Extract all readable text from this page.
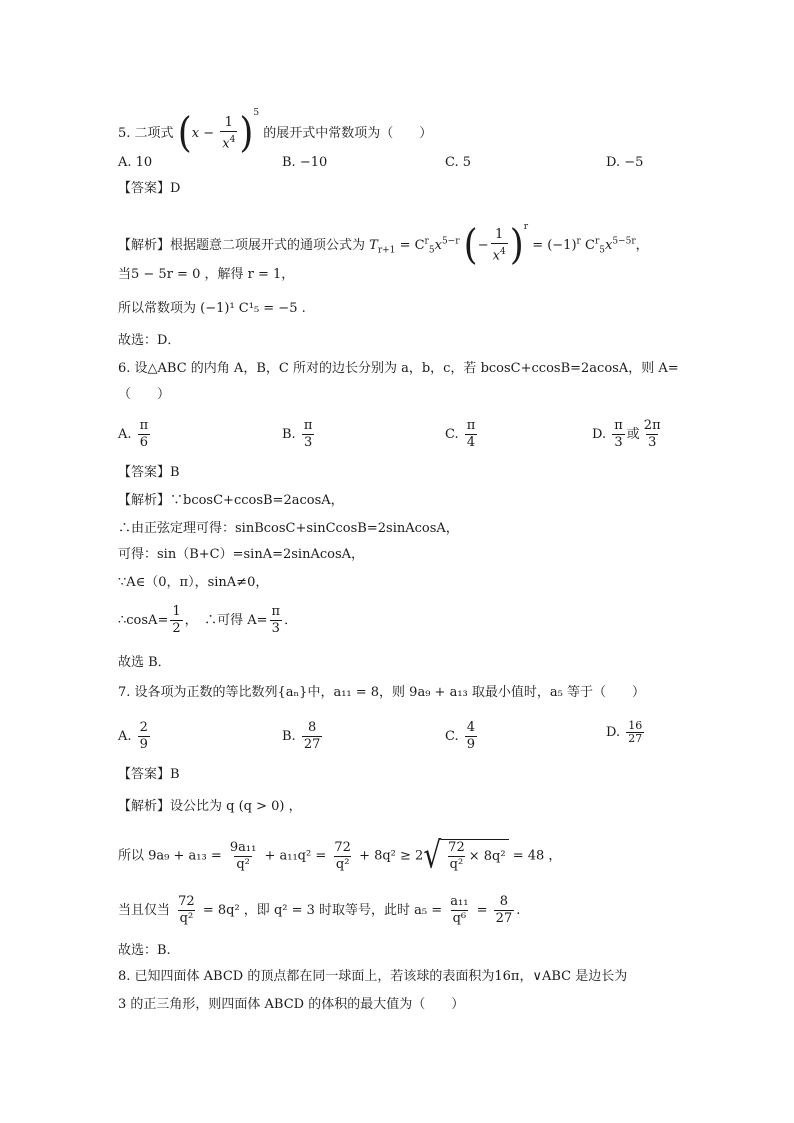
5. 二项式 $(x - \frac{1}{x^4} )^5$ 的展开式中常数项为（　　）
A. 10	B. −10	C. 5	D. −5
【答案】D
【解析】根据题意二项展开式的通项公式为 $T_{r+1} = C^r_5x^{5-r}$ (− $\frac{1}{x^4} )^r = (-1)^r$ $C^r_5x^{5-5r}$，
当5 − 5r = 0 ，解得 r = 1，
所以常数项为 (−1)¹ C¹₅ = −5 .
故选：D．
6. 设△ABC 的内角 A，B，C 所对的边长分别为 a，b，c，若 bcosC+ccosB=2acosA，则 A=
（　　）
A. $\frac{\pi}{6}$	B. $\frac{\pi}{3}$	C. $\frac{\pi}{4}$	D. $\frac{\pi}{3}$ 或 $\frac{2\pi}{3}$
【答案】B
【解析】∵bcosC+ccosB=2acosA，
∴由正弦定理可得：sinBcosC+sinCcosB=2sinAcosA，
可得：sin（B+C）=sinA=2sinAcosA，
∵A∈（0，π），sinA≠0，
∴cosA= $\frac{1}{2}$ ，　∴可得 $A= \frac{\pi}{3}$ ．
故选 B．
7. 设各项为正数的等比数列{aₙ}中，a₁₁ = 8，则 9a₉ + a₁₃ 取最小值时，a₅ 等于（　　）
A. $\frac{2}{9}$	B. $\frac{8}{27}$	C. $\frac{4}{9}$	D. $\frac{16}{27}$
【答案】B
【解析】设公比为 q (q > 0) ，
所以 $9a_9 + a_{13} = \frac{\text{9a₁₁}}{\text{q²}} + a_{11}q^2 = \frac{72}{\text{q²}} + 8q^2 \ge 2$ √ $\frac{72}{\text{q²}} \times 8q^2 = 48$ ，
当且仅当 $\frac{72}{\text{q²}} = 8q^2$ ，即 q² = 3 时取等号，此时 $a_5 = \frac{\text{a₁₁}}{\text{q⁶}} = \frac{8}{27}$ .
故选：B.
8. 已知四面体 ABCD 的顶点都在同一球面上，若该球的表面积为16π，∨ABC 是边长为
3 的正三角形，则四面体 ABCD 的体积的最大值为（　　）
